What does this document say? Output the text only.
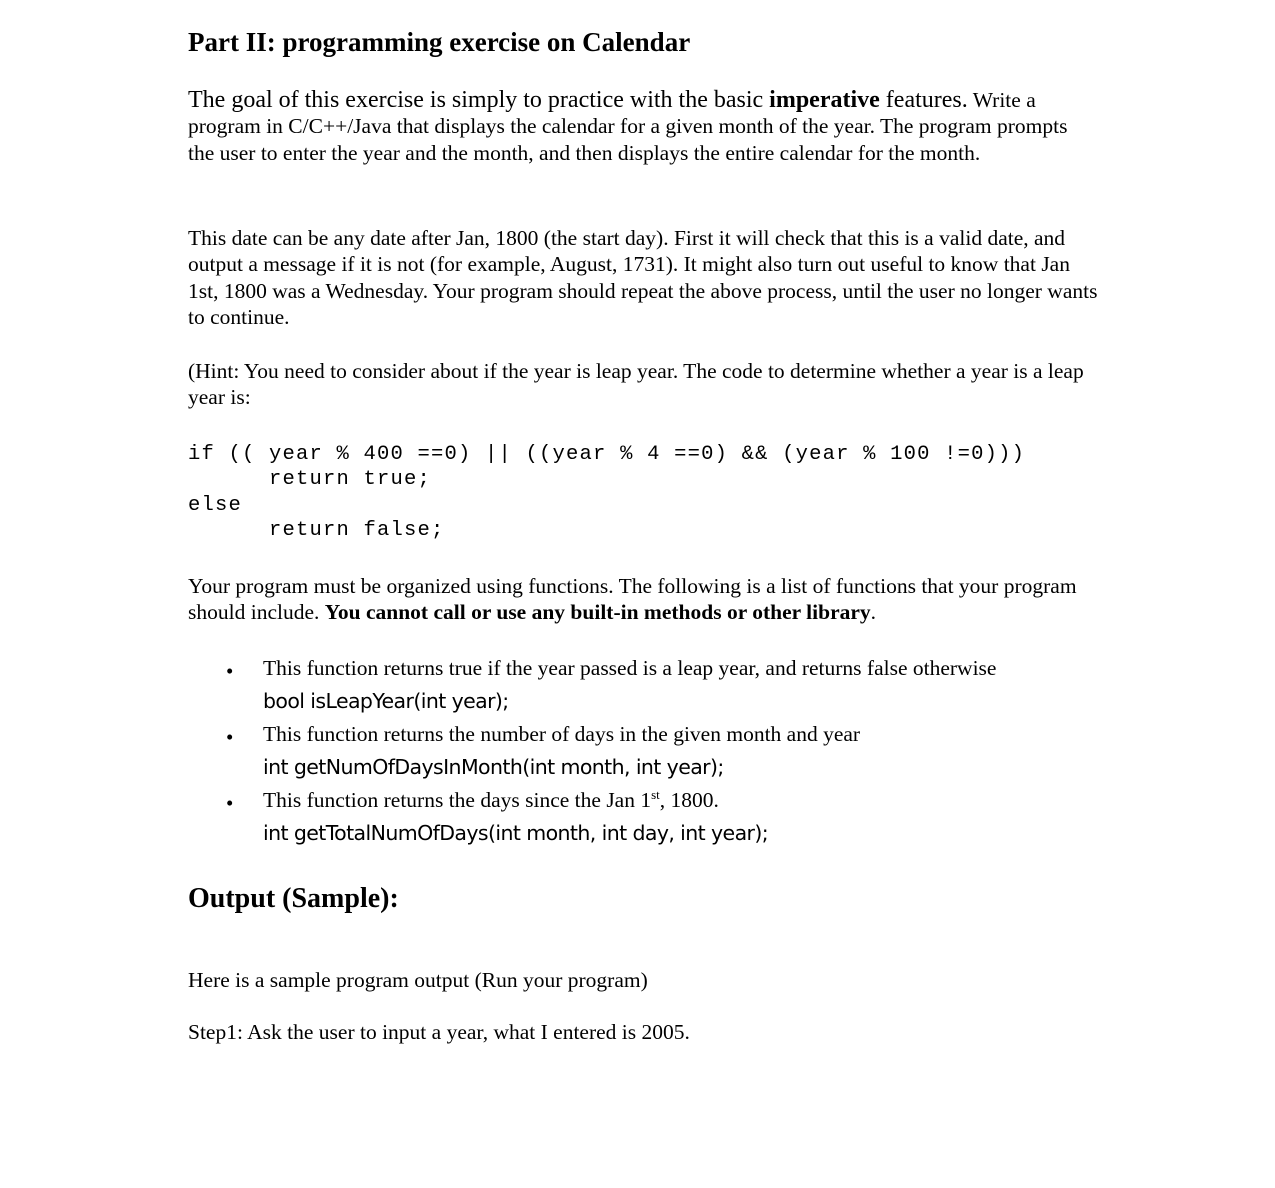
Part II: programming exercise on Calendar

The goal of this exercise is simply to practice with the basic imperative features. Write a program in C/C++/Java that displays the calendar for a given month of the year. The program prompts the user to enter the year and the month, and then displays the entire calendar for the month.

This date can be any date after Jan, 1800 (the start day). First it will check that this is a valid date, and output a message if it is not (for example, August, 1731). It might also turn out useful to know that Jan 1st, 1800 was a Wednesday. Your program should repeat the above process, until the user no longer wants to continue.

(Hint: You need to consider about if the year is leap year. The code to determine whether a year is a leap year is:

if (( year % 400 ==0) || ((year % 4 ==0) && (year % 100 !=0)))
return true;
else
return false;

Your program must be organized using functions. The following is a list of functions that your program should include. You cannot call or use any built-in methods or other library.

• This function returns true if the year passed is a leap year, and returns false otherwise
bool isLeapYear(int year);
• This function returns the number of days in the given month and year
int getNumOfDaysInMonth(int month, int year);
• This function returns the days since the Jan 1st, 1800.
int getTotalNumOfDays(int month, int day, int year);
Output (Sample):

Here is a sample program output (Run your program)

Step1: Ask the user to input a year, what I entered is 2005.
